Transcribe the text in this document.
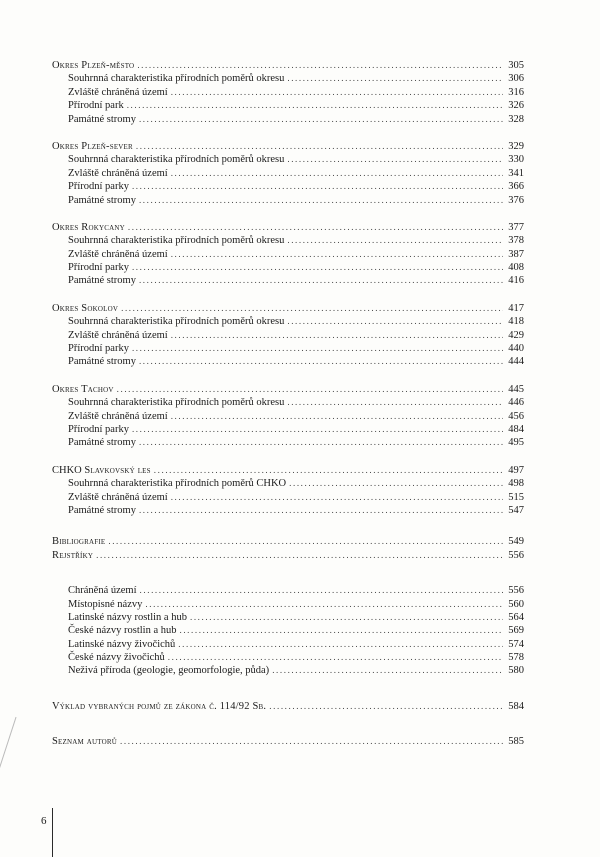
Okres Plzeň-město .....	305
Souhrnná charakteristika přírodních poměrů okresu .....	306
Zvláště chráněná území .....	316
Přírodní park .....	326
Památné stromy .....	328
Okres Plzeň-sever .....	329
Souhrnná charakteristika přírodních poměrů okresu .....	330
Zvláště chráněná území .....	341
Přírodní parky .....	366
Památné stromy .....	376
Okres Rokycany .....	377
Souhrnná charakteristika přírodních poměrů okresu .....	378
Zvláště chráněná území .....	387
Přírodní parky .....	408
Památné stromy .....	416
Okres Sokolov .....	417
Souhrnná charakteristika přírodních poměrů okresu .....	418
Zvláště chráněná území .....	429
Přírodní parky .....	440
Památné stromy .....	444
Okres Tachov .....	445
Souhrnná charakteristika přírodních poměrů okresu .....	446
Zvláště chráněná území .....	456
Přírodní parky .....	484
Památné stromy .....	495
CHKO Slavkovský les .....	497
Souhrnná charakteristika přírodních poměrů CHKO .....	498
Zvláště chráněná území .....	515
Památné stromy .....	547
Bibliografie .....	549
Rejstříky .....	556
Chráněná území .....	556
Místopisné názvy .....	560
Latinské názvy rostlin a hub .....	564
České názvy rostlin a hub .....	569
Latinské názvy živočichů .....	574
České názvy živočichů .....	578
Neživá příroda (geologie, geomorfologie, půda) .....	580
Výklad vybraných pojmů ze zákona č. 114/92 Sb. .....	584
Seznam autorů .....	585
6
